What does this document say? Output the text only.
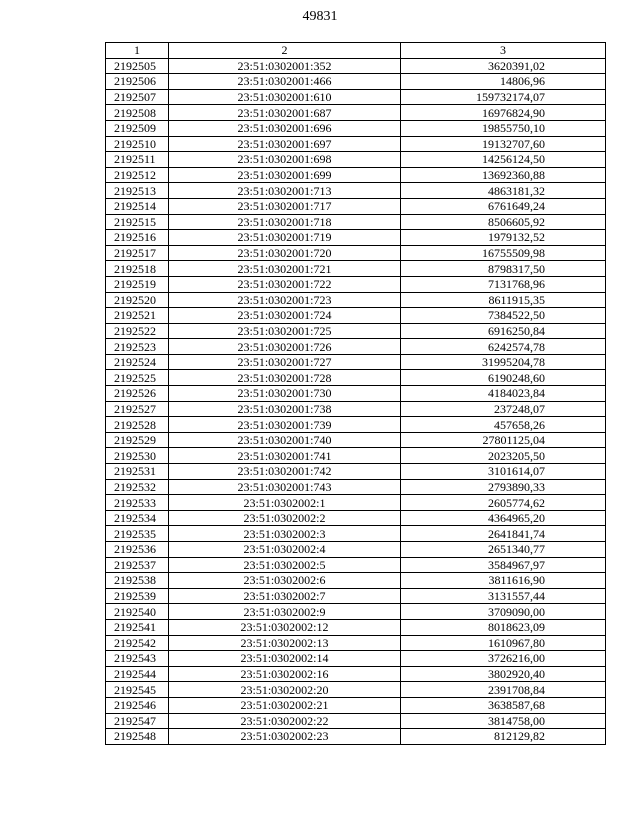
49831
1	2	3
2192505	23:51:0302001:352	3620391,02
2192506	23:51:0302001:466	14806,96
2192507	23:51:0302001:610	159732174,07
2192508	23:51:0302001:687	16976824,90
2192509	23:51:0302001:696	19855750,10
2192510	23:51:0302001:697	19132707,60
2192511	23:51:0302001:698	14256124,50
2192512	23:51:0302001:699	13692360,88
2192513	23:51:0302001:713	4863181,32
2192514	23:51:0302001:717	6761649,24
2192515	23:51:0302001:718	8506605,92
2192516	23:51:0302001:719	1979132,52
2192517	23:51:0302001:720	16755509,98
2192518	23:51:0302001:721	8798317,50
2192519	23:51:0302001:722	7131768,96
2192520	23:51:0302001:723	8611915,35
2192521	23:51:0302001:724	7384522,50
2192522	23:51:0302001:725	6916250,84
2192523	23:51:0302001:726	6242574,78
2192524	23:51:0302001:727	31995204,78
2192525	23:51:0302001:728	6190248,60
2192526	23:51:0302001:730	4184023,84
2192527	23:51:0302001:738	237248,07
2192528	23:51:0302001:739	457658,26
2192529	23:51:0302001:740	27801125,04
2192530	23:51:0302001:741	2023205,50
2192531	23:51:0302001:742	3101614,07
2192532	23:51:0302001:743	2793890,33
2192533	23:51:0302002:1	2605774,62
2192534	23:51:0302002:2	4364965,20
2192535	23:51:0302002:3	2641841,74
2192536	23:51:0302002:4	2651340,77
2192537	23:51:0302002:5	3584967,97
2192538	23:51:0302002:6	3811616,90
2192539	23:51:0302002:7	3131557,44
2192540	23:51:0302002:9	3709090,00
2192541	23:51:0302002:12	8018623,09
2192542	23:51:0302002:13	1610967,80
2192543	23:51:0302002:14	3726216,00
2192544	23:51:0302002:16	3802920,40
2192545	23:51:0302002:20	2391708,84
2192546	23:51:0302002:21	3638587,68
2192547	23:51:0302002:22	3814758,00
2192548	23:51:0302002:23	812129,82
